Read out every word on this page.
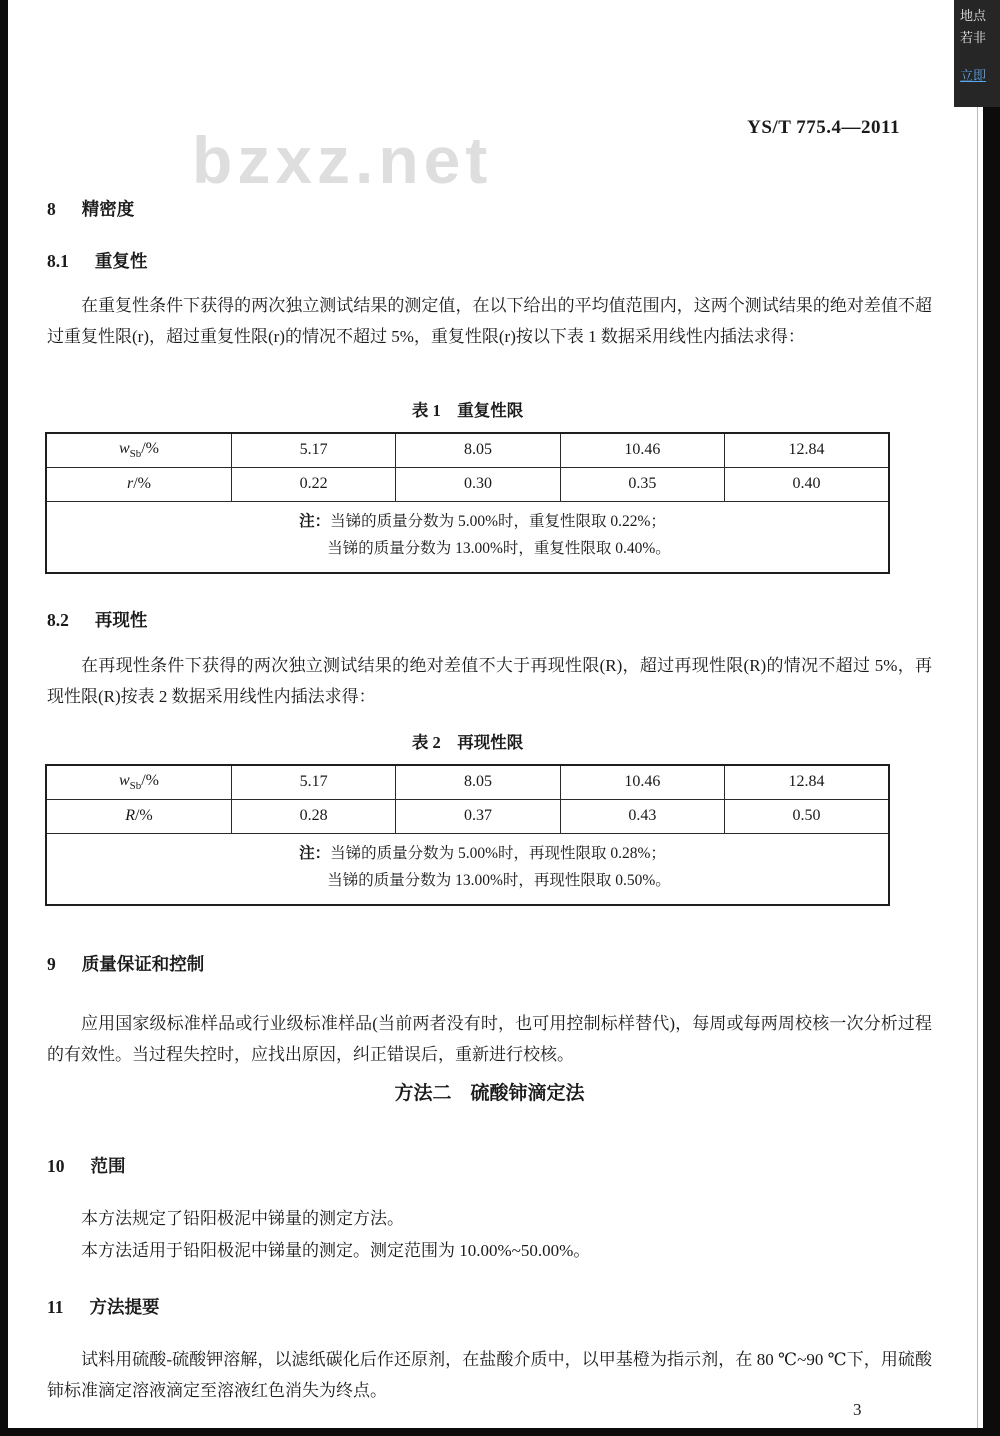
地点
若非
立即
bzxz.net	YS/T 775.4—2011
8 精密度
8.1 重复性
在重复性条件下获得的两次独立测试结果的测定值，在以下给出的平均值范围内，这两个测试结果的绝对差值不超过重复性限(r)，超过重复性限(r)的情况不超过 5%，重复性限(r)按以下表 1 数据采用线性内插法求得：
表 1　重复性限
$w_{Sb}/\%$	5.17	8.05	10.46	12.84
r/%	0.22	0.30	0.35	0.40

注：当锑的质量分数为 5.00%时，重复性限取 0.22%；
当锑的质量分数为 13.00%时，重复性限取 0.40%。				
8.2 再现性
在再现性条件下获得的两次独立测试结果的绝对差值不大于再现性限(R)，超过再现性限(R)的情况不超过 5%，再现性限(R)按表 2 数据采用线性内插法求得：
表 2　再现性限
$w_{Sb}/\%$	5.17	8.05	10.46	12.84
R/%	0.28	0.37	0.43	0.50

注：当锑的质量分数为 5.00%时，再现性限取 0.28%；
当锑的质量分数为 13.00%时，再现性限取 0.50%。				
9 质量保证和控制
应用国家级标准样品或行业级标准样品(当前两者没有时，也可用控制标样替代)，每周或每两周校核一次分析过程的有效性。当过程失控时，应找出原因，纠正错误后，重新进行校核。
方法二　硫酸铈滴定法
10 范围
本方法规定了铅阳极泥中锑量的测定方法。
本方法适用于铅阳极泥中锑量的测定。测定范围为 10.00%~50.00%。
11 方法提要
试料用硫酸-硫酸钾溶解，以滤纸碳化后作还原剂，在盐酸介质中，以甲基橙为指示剂，在 80 ℃~90 ℃下，用硫酸铈标准滴定溶液滴定至溶液红色消失为终点。
3
